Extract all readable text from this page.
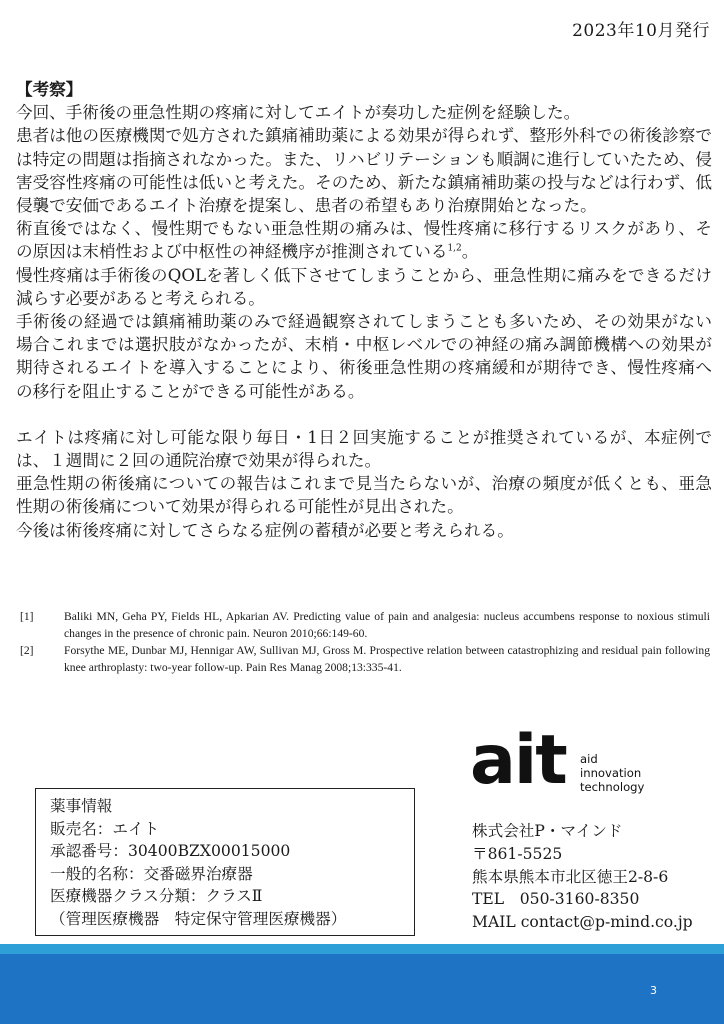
2023年10月発行
【考察】

今回、手術後の亜急性期の疼痛に対してエイトが奏功した症例を経験した。

患者は他の医療機関で処方された鎮痛補助薬による効果が得られず、整形外科での術後診察では特定の問題は指摘されなかった。また、リハビリテーションも順調に進行していたため、侵害受容性疼痛の可能性は低いと考えた。そのため、新たな鎮痛補助薬の投与などは行わず、低侵襲で安価であるエイト治療を提案し、患者の希望もあり治療開始となった。

術直後ではなく、慢性期でもない亜急性期の痛みは、慢性疼痛に移行するリスクがあり、その原因は末梢性および中枢性の神経機序が推測されている$^{1,2}$。

慢性疼痛は手術後のQOLを著しく低下させてしまうことから、亜急性期に痛みをできるだけ減らす必要があると考えられる。

手術後の経過では鎮痛補助薬のみで経過観察されてしまうことも多いため、その効果がない場合これまでは選択肢がなかったが、末梢・中枢レベルでの神経の痛み調節機構への効果が期待されるエイトを導入することにより、術後亜急性期の疼痛緩和が期待でき、慢性疼痛への移行を阻止することができる可能性がある。

エイトは疼痛に対し可能な限り毎日・1日２回実施することが推奨されているが、本症例では、１週間に２回の通院治療で効果が得られた。

亜急性期の術後痛についての報告はこれまで見当たらないが、治療の頻度が低くとも、亜急性期の術後痛について効果が得られる可能性が見出された。

今後は術後疼痛に対してさらなる症例の蓄積が必要と考えられる。

[1]	Baliki MN, Geha PY, Fields HL, Apkarian AV. Predicting value of pain and analgesia: nucleus accumbens response to noxious stimuli changes in the presence of chronic pain. Neuron 2010;66:149-60.
[2]	Forsythe ME, Dunbar MJ, Hennigar AW, Sullivan MJ, Gross M. Prospective relation between catastrophizing and residual pain following knee arthroplasty: two-year follow-up. Pain Res Manag 2008;13:335-41.
ait aid
innovation
technology
薬事情報
販売名：エイト
承認番号：30400BZX00015000
一般的名称：交番磁界治療器
医療機器クラス分類：クラスⅡ
（管理医療機器　特定保守管理医療機器）
株式会社P・マインド
〒861-5525
熊本県熊本市北区徳王2-8-6
TEL　050-3160-8350
MAIL contact@p-mind.co.jp
3
